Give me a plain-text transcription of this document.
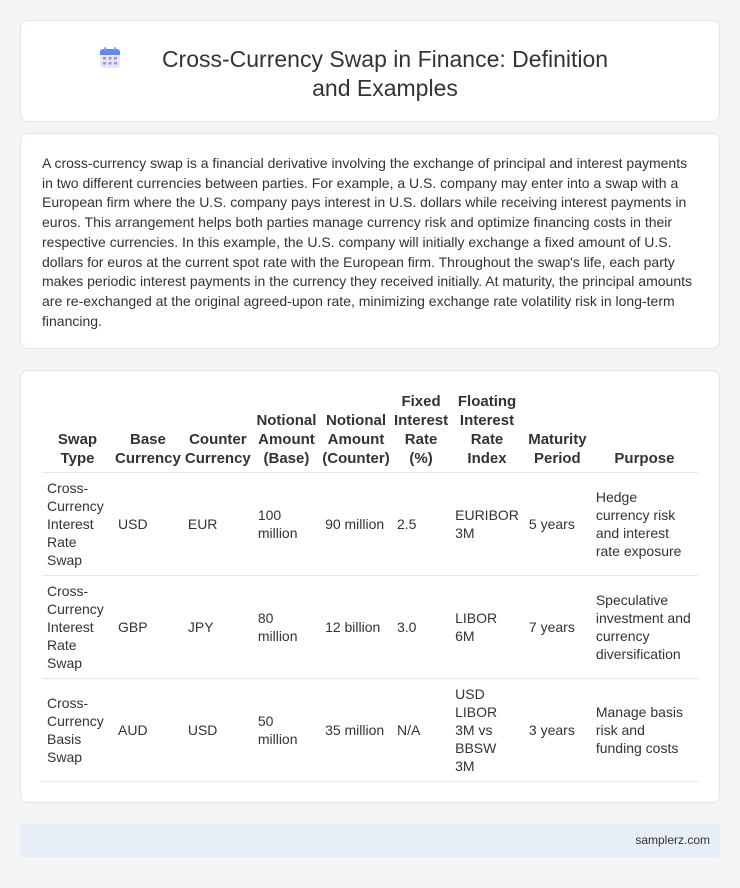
Cross-Currency Swap in Finance: Definition and Examples

A cross-currency swap is a financial derivative involving the exchange of principal and interest payments in two different currencies between parties. For example, a U.S. company may enter into a swap with a European firm where the U.S. company pays interest in U.S. dollars while receiving interest payments in euros. This arrangement helps both parties manage currency risk and optimize financing costs in their respective currencies. In this example, the U.S. company will initially exchange a fixed amount of U.S. dollars for euros at the current spot rate with the European firm. Throughout the swap's life, each party makes periodic interest payments in the currency they received initially. At maturity, the principal amounts are re-exchanged at the original agreed-upon rate, minimizing exchange rate volatility risk in long-term financing.

Swap Type	Base Currency	Counter Currency	Notional Amount (Base)	Notional Amount (Counter)	Fixed Interest Rate (%)	Floating Interest Rate Index	Maturity Period	Purpose
Cross-Currency Interest Rate Swap	USD	EUR	100 million	90 million	2.5	EURIBOR 3M	5 years	Hedge currency risk and interest rate exposure
Cross-Currency Interest Rate Swap	GBP	JPY	80 million	12 billion	3.0	LIBOR 6M	7 years	Speculative investment and currency diversification
Cross-Currency Basis Swap	AUD	USD	50 million	35 million	N/A	USD LIBOR 3M vs BBSW 3M	3 years	Manage basis risk and funding costs
samplerz.com
